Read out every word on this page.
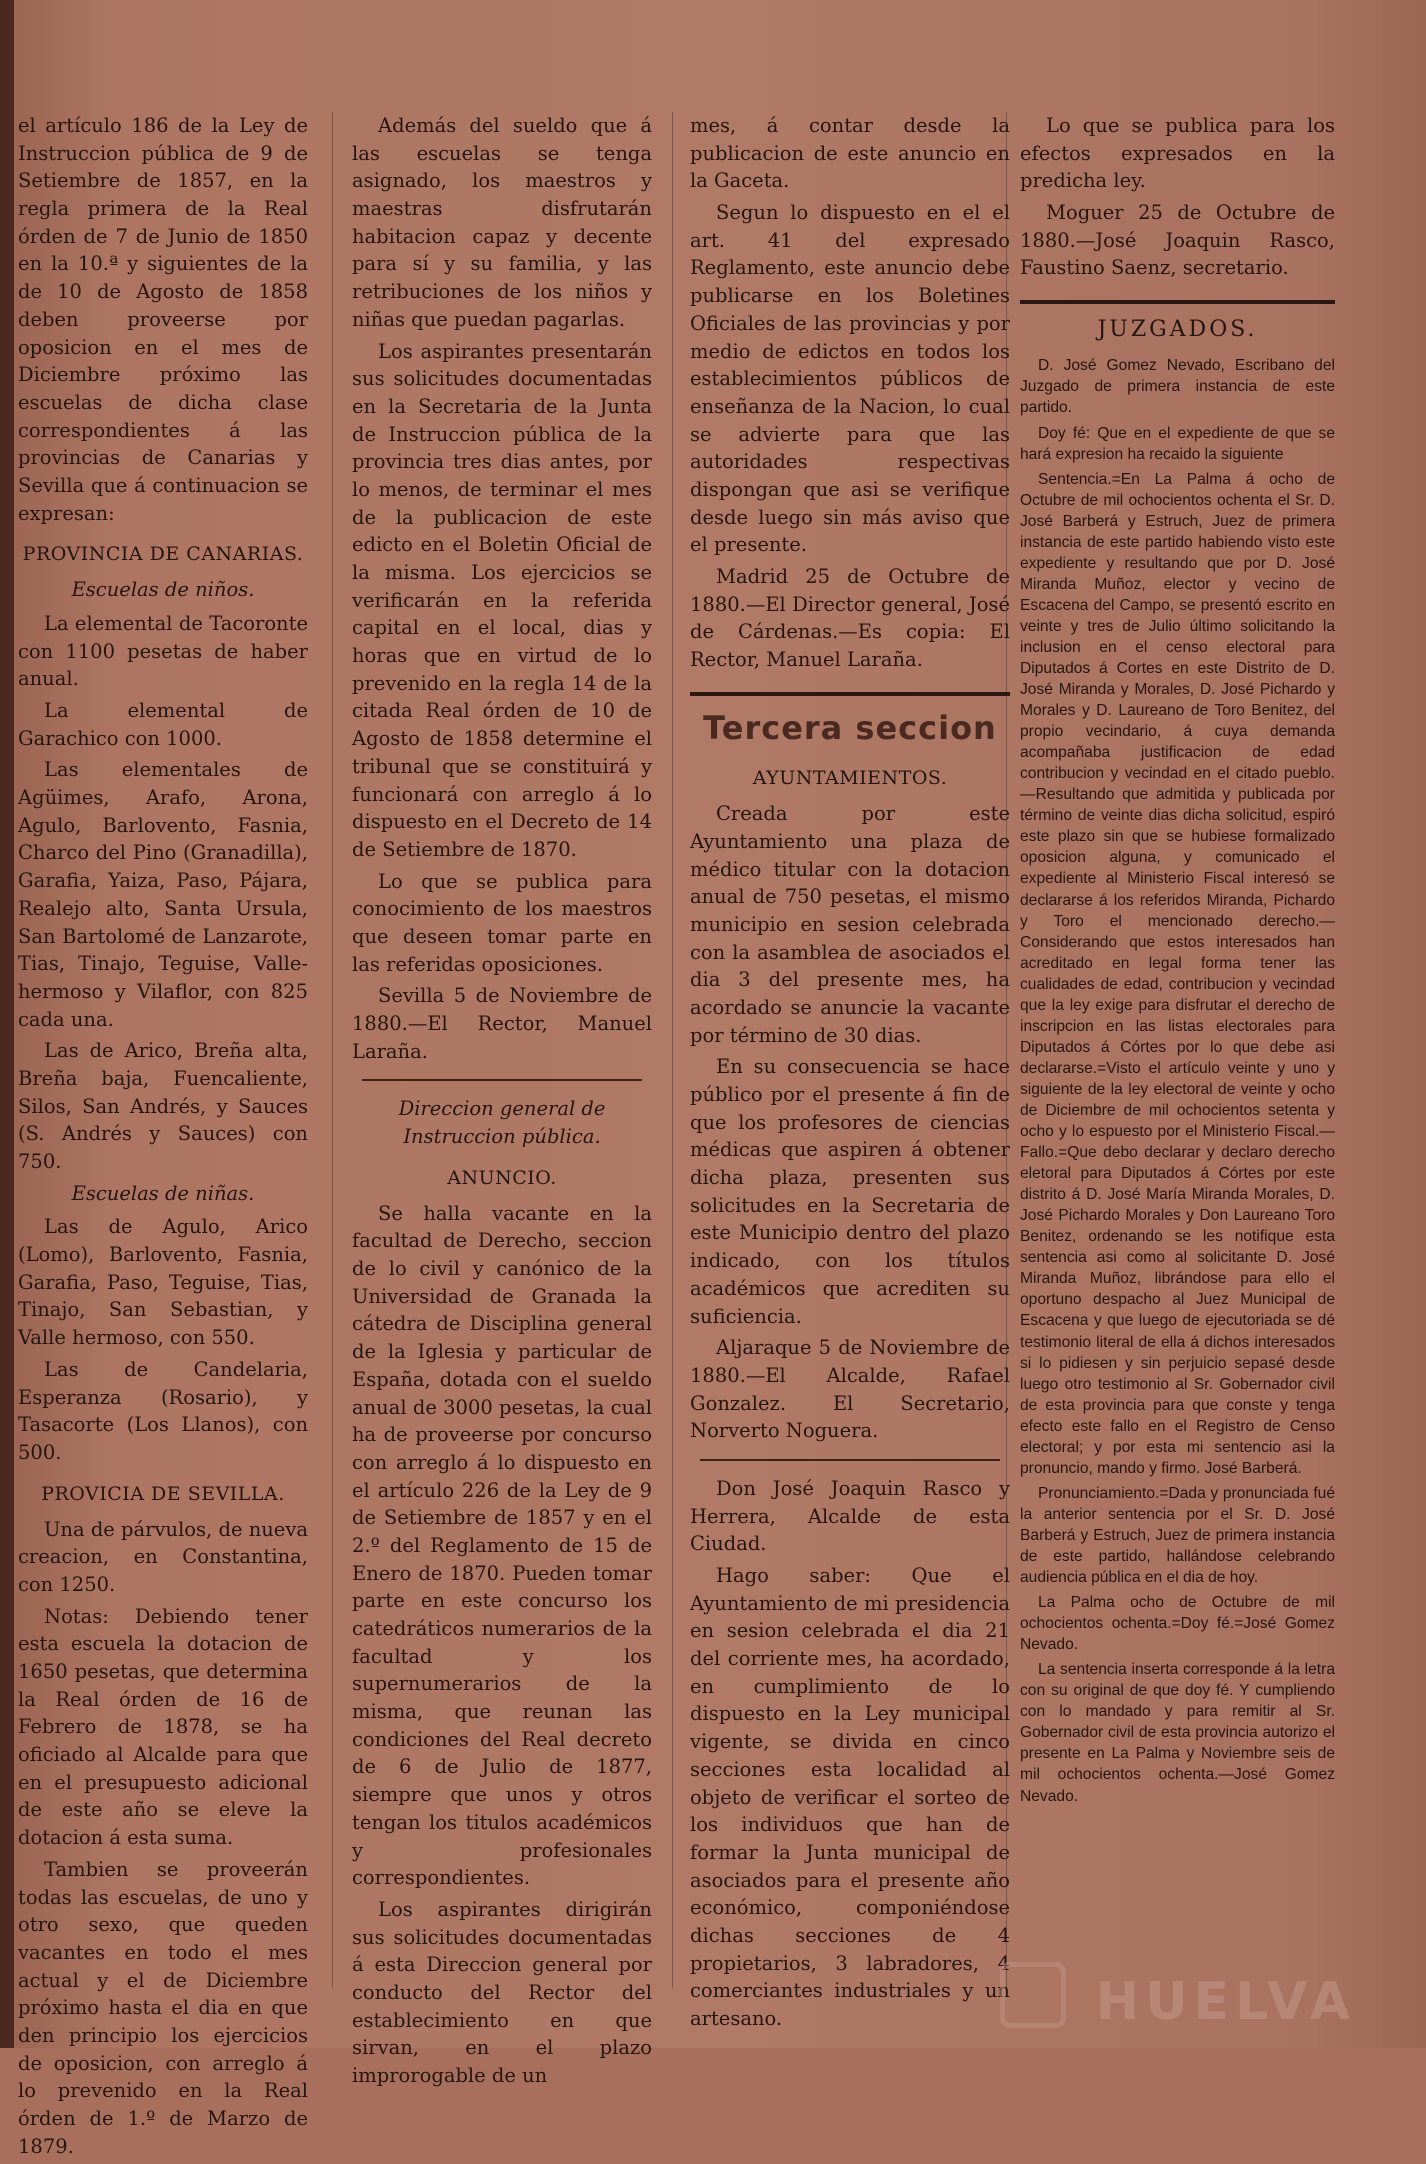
el artículo 186 de la Ley de Instruccion pública de 9 de Setiembre de 1857, en la regla primera de la Real órden de 7 de Junio de 1850 en la 10.ª y siguientes de la de 10 de Agosto de 1858 deben proveerse por oposicion en el mes de Diciembre próximo las escuelas de dicha clase correspondientes á las provincias de Canarias y Sevilla que á continuacion se expresan:

PROVINCIA DE CANARIAS.
Escuelas de niños.

La elemental de Tacoronte con 1100 pesetas de haber anual.

La elemental de Garachico con 1000.

Las elementales de Agüimes, Arafo, Arona, Agulo, Barlovento, Fasnia, Charco del Pino (Granadilla), Garafia, Yaiza, Paso, Pájara, Realejo alto, Santa Ursula, San Bartolomé de Lanzarote, Tias, Tinajo, Teguise, Valle-hermoso y Vilaflor, con 825 cada una.

Las de Arico, Breña alta, Breña baja, Fuencaliente, Silos, San Andrés, y Sauces (S. Andrés y Sauces) con 750.

Escuelas de niñas.

Las de Agulo, Arico (Lomo), Barlovento, Fasnia, Garafia, Paso, Teguise, Tias, Tinajo, San Sebastian, y Valle hermoso, con 550.

Las de Candelaria, Esperanza (Rosario), y Tasacorte (Los Llanos), con 500.

PROVICIA DE SEVILLA.

Una de párvulos, de nueva creacion, en Constantina, con 1250.

Notas: Debiendo tener esta escuela la dotacion de 1650 pesetas, que determina la Real órden de 16 de Febrero de 1878, se ha oficiado al Alcalde para que en el presupuesto adicional de este año se eleve la dotacion á esta suma.

Tambien se proveerán todas las escuelas, de uno y otro sexo, que queden vacantes en todo el mes actual y el de Diciembre próximo hasta el dia en que den principio los ejercicios de oposicion, con arreglo á lo prevenido en la Real órden de 1.º de Marzo de 1879.

Además del sueldo que á las escuelas se tenga asignado, los maestros y maestras disfrutarán habitacion capaz y decente para sí y su familia, y las retribuciones de los niños y niñas que puedan pagarlas.

Los aspirantes presentarán sus solicitudes documentadas en la Secretaria de la Junta de Instruccion pública de la provincia tres dias antes, por lo menos, de terminar el mes de la publicacion de este edicto en el Boletin Oficial de la misma. Los ejercicios se verificarán en la referida capital en el local, dias y horas que en virtud de lo prevenido en la regla 14 de la citada Real órden de 10 de Agosto de 1858 determine el tribunal que se constituirá y funcionará con arreglo á lo dispuesto en el Decreto de 14 de Setiembre de 1870.

Lo que se publica para conocimiento de los maestros que deseen tomar parte en las referidas oposiciones.

Sevilla 5 de Noviembre de 1880.—El Rector, Manuel Laraña.

Direccion general de Instruccion pública.
ANUNCIO.

Se halla vacante en la facultad de Derecho, seccion de lo civil y canónico de la Universidad de Granada la cátedra de Disciplina general de la Iglesia y particular de España, dotada con el sueldo anual de 3000 pesetas, la cual ha de proveerse por concurso con arreglo á lo dispuesto en el artículo 226 de la Ley de 9 de Setiembre de 1857 y en el 2.º del Reglamento de 15 de Enero de 1870. Pueden tomar parte en este concurso los catedráticos numerarios de la facultad y los supernumerarios de la misma, que reunan las condiciones del Real decreto de 6 de Julio de 1877, siempre que unos y otros tengan los titulos académicos y profesionales correspondientes.

Los aspirantes dirigirán sus solicitudes documentadas á esta Direccion general por conducto del Rector del establecimiento en que sirvan, en el plazo improrogable de un

mes, á contar desde la publicacion de este anuncio en la Gaceta.

Segun lo dispuesto en el el art. 41 del expresado Reglamento, este anuncio debe publicarse en los Boletines Oficiales de las provincias y por medio de edictos en todos los establecimientos públicos de enseñanza de la Nacion, lo cual se advierte para que las autoridades respectivas dispongan que asi se verifique desde luego sin más aviso que el presente.

Madrid 25 de Octubre de 1880.—El Director general, José de Cárdenas.—Es copia: El Rector, Manuel Laraña.

Tercera seccion
AYUNTAMIENTOS.

Creada por este Ayuntamiento una plaza de médico titular con la dotacion anual de 750 pesetas, el mismo municipio en sesion celebrada con la asamblea de asociados el dia 3 del presente mes, ha acordado se anuncie la vacante por término de 30 dias.

En su consecuencia se hace público por el presente á fin de que los profesores de ciencias médicas que aspiren á obtener dicha plaza, presenten sus solicitudes en la Secretaria de este Municipio dentro del plazo indicado, con los títulos académicos que acrediten su suficiencia.

Aljaraque 5 de Noviembre de 1880.—El Alcalde, Rafael Gonzalez. El Secretario, Norverto Noguera.

Don José Joaquin Rasco y Herrera, Alcalde de esta Ciudad.

Hago saber: Que el Ayuntamiento de mi presidencia en sesion celebrada el dia 21 del corriente mes, ha acordado, en cumplimiento de lo dispuesto en la Ley municipal vigente, se divida en cinco secciones esta localidad al objeto de verificar el sorteo de los individuos que han de formar la Junta municipal de asociados para el presente año económico, componiéndose dichas secciones de 4 propietarios, 3 labradores, 4 comerciantes industriales y un artesano.

Lo que se publica para los efectos expresados en la predicha ley.

Moguer 25 de Octubre de 1880.—José Joaquin Rasco, Faustino Saenz, secretario.

JUZGADOS.

D. José Gomez Nevado, Escribano del Juzgado de primera instancia de este partido.

Doy fé: Que en el expediente de que se hará expresion ha recaido la siguiente

Sentencia.=En La Palma á ocho de Octubre de mil ochocientos ochenta el Sr. D. José Barberá y Estruch, Juez de primera instancia de este partido habiendo visto este expediente y resultando que por D. José Miranda Muñoz, elector y vecino de Escacena del Campo, se presentó escrito en veinte y tres de Julio último solicitando la inclusion en el censo electoral para Diputados á Cortes en este Distrito de D. José Miranda y Morales, D. José Pichardo y Morales y D. Laureano de Toro Benitez, del propio vecindario, á cuya demanda acompañaba justificacion de edad contribucion y vecindad en el citado pueblo.—Resultando que admitida y publicada por término de veinte dias dicha solicitud, espiró este plazo sin que se hubiese formalizado oposicion alguna, y comunicado el expediente al Ministerio Fiscal interesó se declararse á los referidos Miranda, Pichardo y Toro el mencionado derecho.—Considerando que estos interesados han acreditado en legal forma tener las cualidades de edad, contribucion y vecindad que la ley exige para disfrutar el derecho de inscripcion en las listas electorales para Diputados á Córtes por lo que debe asi declararse.=Visto el artículo veinte y uno y siguiente de la ley electoral de veinte y ocho de Diciembre de mil ochocientos setenta y ocho y lo espuesto por el Ministerio Fiscal.—Fallo.=Que debo declarar y declaro derecho eletoral para Diputados á Córtes por este distrito á D. José María Miranda Morales, D. José Pichardo Morales y Don Laureano Toro Benitez, ordenando se les notifique esta sentencia asi como al solicitante D. José Miranda Muñoz, librándose para ello el oportuno despacho al Juez Municipal de Escacena y que luego de ejecutoriada se dé testimonio literal de ella á dichos interesados si lo pidiesen y sin perjuicio sepasé desde luego otro testimonio al Sr. Gobernador civil de esta provincia para que conste y tenga efecto este fallo en el Registro de Censo electoral; y por esta mi sentencio asi la pronuncio, mando y firmo. José Barberá.

Pronunciamiento.=Dada y pronunciada fué la anterior sentencia por el Sr. D. José Barberá y Estruch, Juez de primera instancia de este partido, hallándose celebrando audiencia pública en el dia de hoy.

La Palma ocho de Octubre de mil ochocientos ochenta.=Doy fé.=José Gomez Nevado.

La sentencia inserta corresponde á la letra con su original de que doy fé. Y cumpliendo con lo mandado y para remitir al Sr. Gobernador civil de esta provincia autorizo el presente en La Palma y Noviembre seis de mil ochocientos ochenta.—José Gomez Nevado.

HUELVA
